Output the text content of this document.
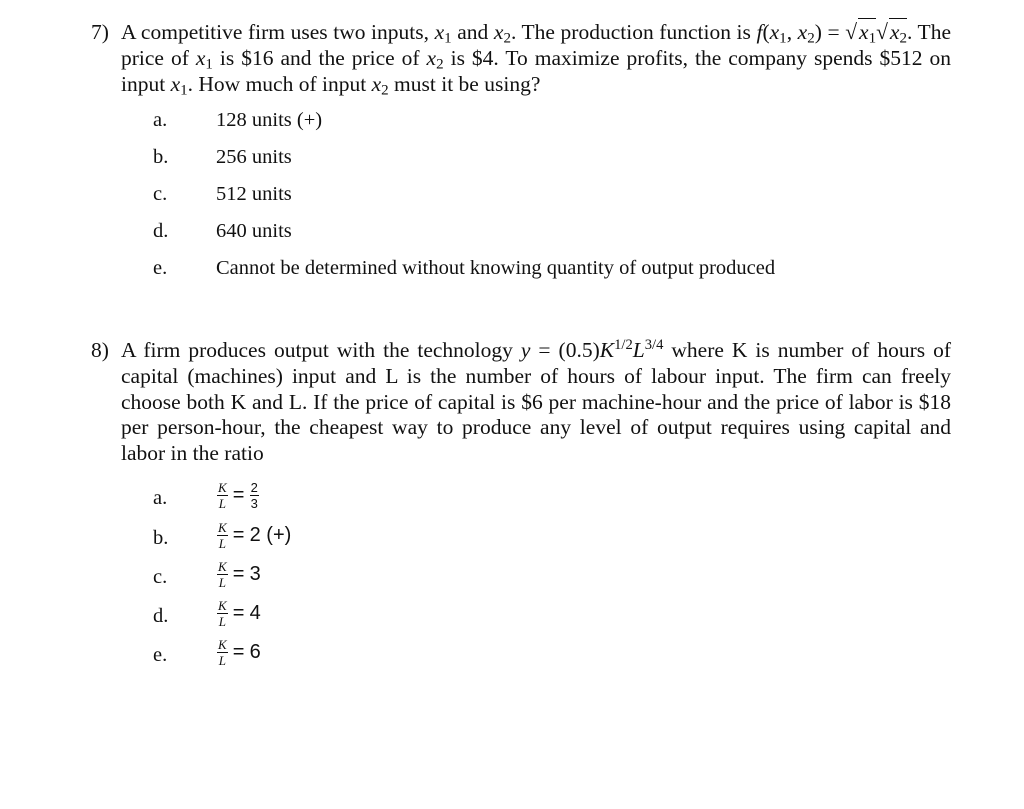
7) A competitive firm uses two inputs, $x_1$ and $x_2$. The production function is $f(x_1$, $x_2) = √x_1√x_2$. The price of $x_1$ is $16 and the price of $x_2$ is $4. To maximize profits, the company spends $512 on input $x_1$. How much of input $x_2$ must it be using?
a. 128 units (+)
b. 256 units
c. 512 units
d. 640 units
e. Cannot be determined without knowing quantity of output produced
8) A firm produces output with the technology $y = (0.5)K^{1/2}L^{3/4}$ where K is number of hours of capital (machines) input and L is the number of hours of labour input. The firm can freely choose both K and L. If the price of capital is $6 per machine-hour and the price of labor is $18 per person-hour, the cheapest way to produce any level of output requires using capital and labor in the ratio
a.	$\frac{K}{L} = \frac{2}{3}$
b.	$\frac{K}{L} = 2$ (+)
c.	$\frac{K}{L} = 3$
d.	$\frac{K}{L} = 4$
e.	$\frac{K}{L} = 6$
